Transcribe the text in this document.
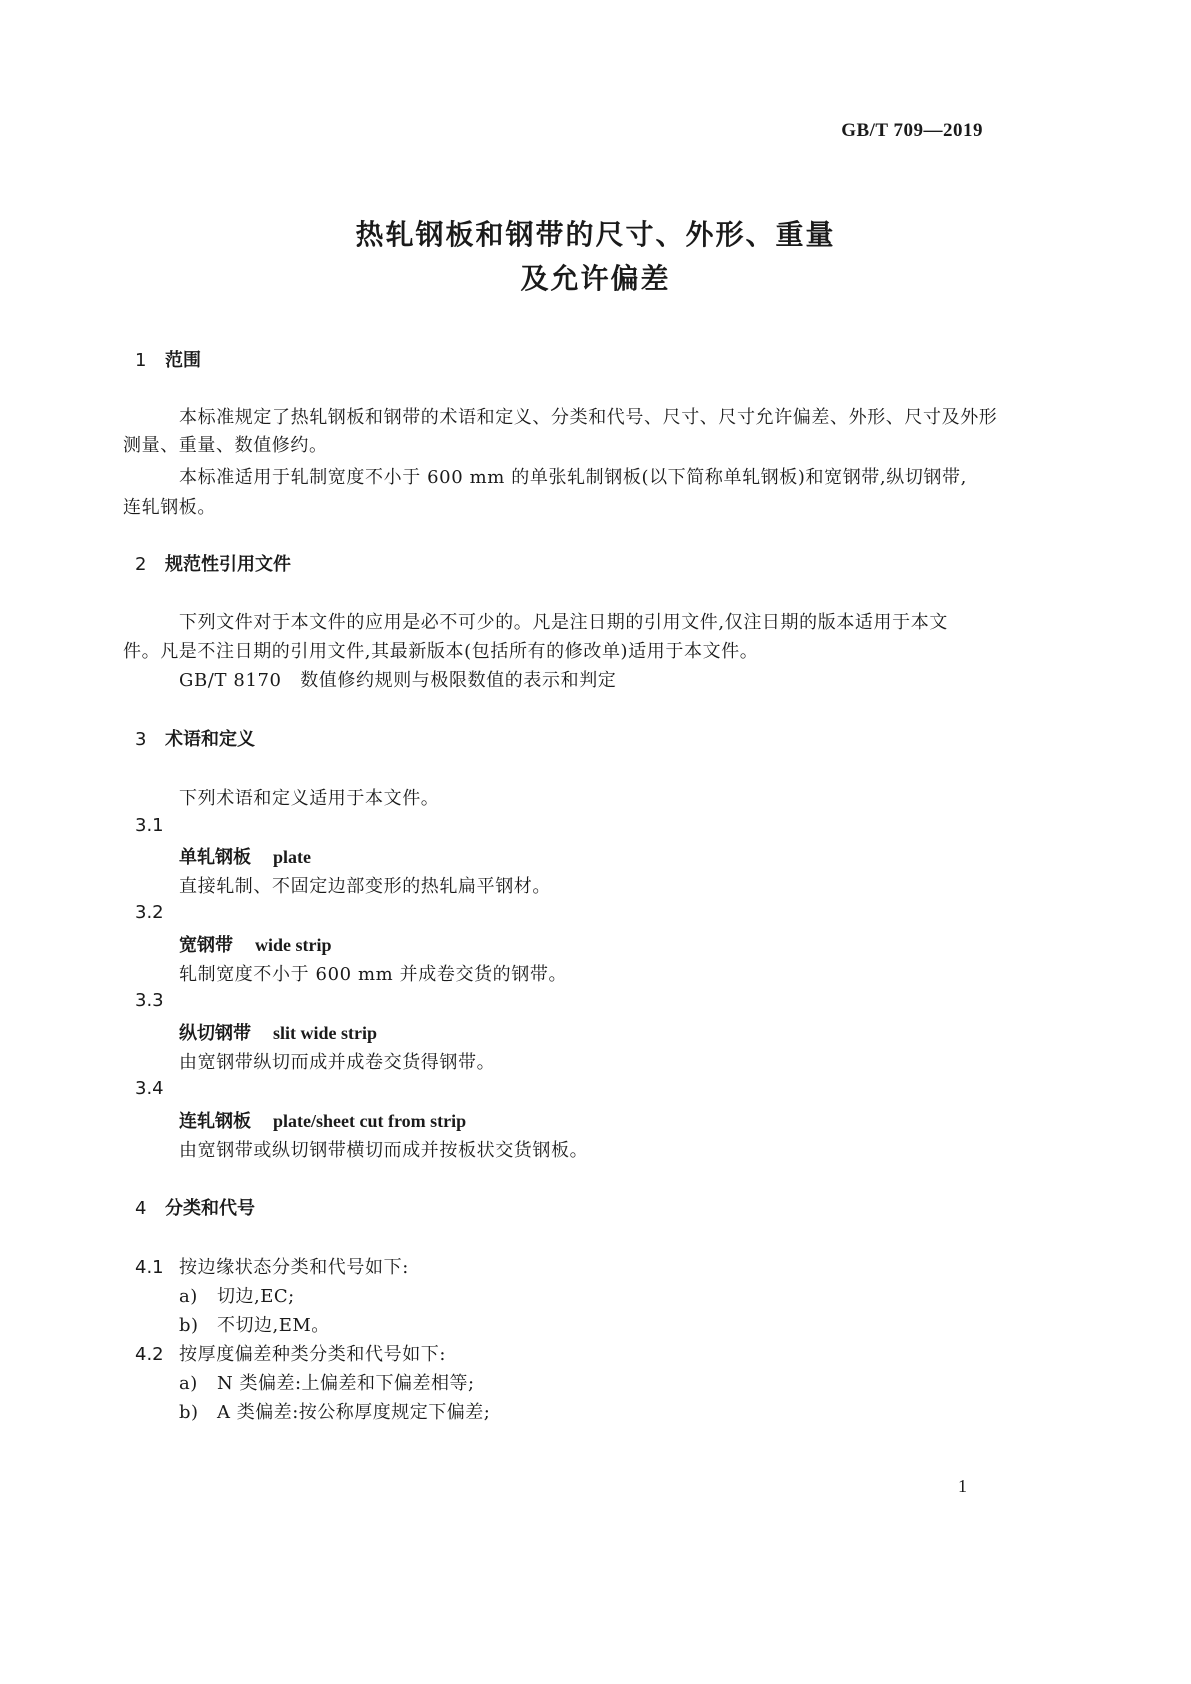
GB/T 709—2019
热轧钢板和钢带的尺寸、外形、重量
及允许偏差
1 范围
本标准规定了热轧钢板和钢带的术语和定义、分类和代号、尺寸、尺寸允许偏差、外形、尺寸及外形
测量、重量、数值修约。
本标准适用于轧制宽度不小于 600 mm 的单张轧制钢板(以下简称单轧钢板)和宽钢带,纵切钢带,
连轧钢板。
2 规范性引用文件
下列文件对于本文件的应用是必不可少的。凡是注日期的引用文件,仅注日期的版本适用于本文
件。凡是不注日期的引用文件,其最新版本(包括所有的修改单)适用于本文件。
GB/T 8170　数值修约规则与极限数值的表示和判定
3 术语和定义
下列术语和定义适用于本文件。
3.1
单轧钢板 plate
直接轧制、不固定边部变形的热轧扁平钢材。
3.2
宽钢带 wide strip
轧制宽度不小于 600 mm 并成卷交货的钢带。
3.3
纵切钢带 slit wide strip
由宽钢带纵切而成并成卷交货得钢带。
3.4
连轧钢板 plate/sheet cut from strip
由宽钢带或纵切钢带横切而成并按板状交货钢板。
4 分类和代号
4.1 按边缘状态分类和代号如下:
a) 切边,EC;
b) 不切边,EM。
4.2 按厚度偏差种类分类和代号如下:
a) N 类偏差:上偏差和下偏差相等;
b) A 类偏差:按公称厚度规定下偏差;
1
